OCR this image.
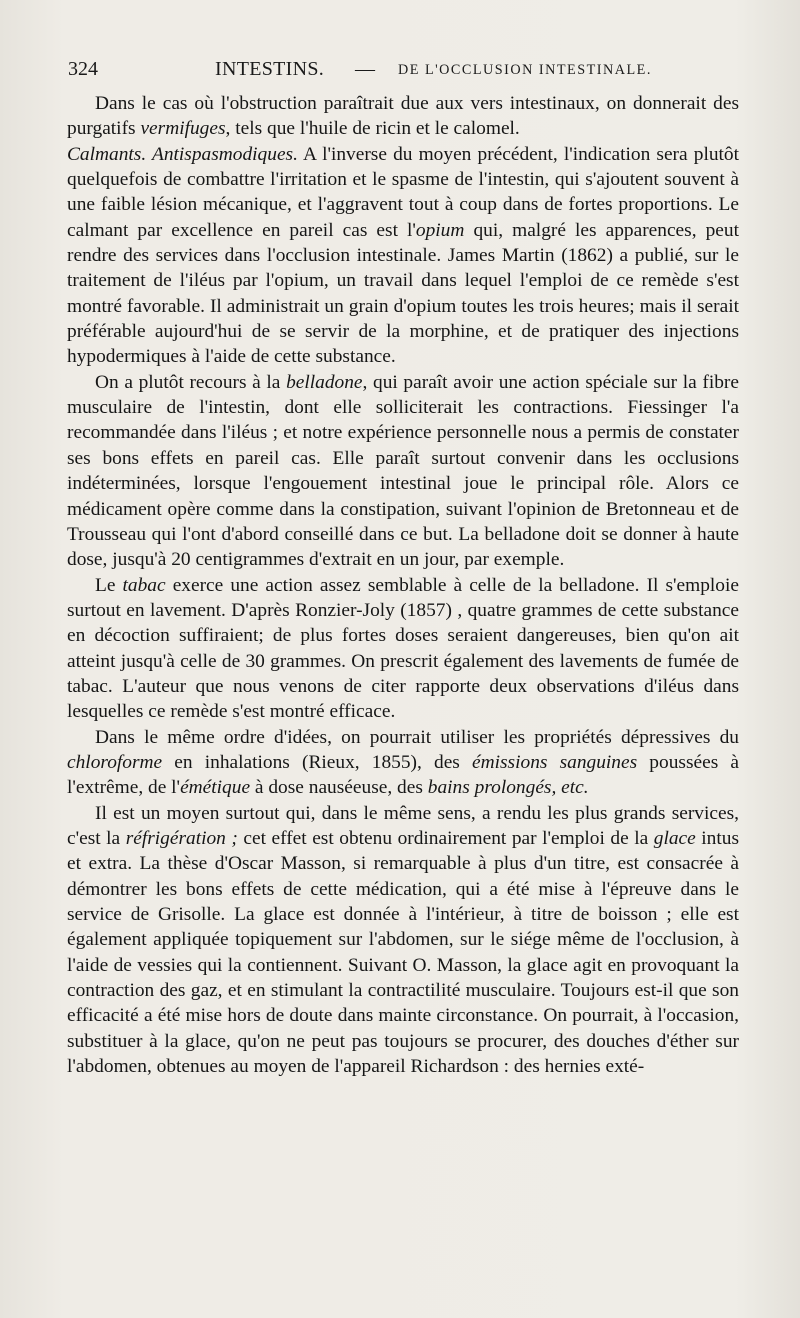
324	INTESTINS. — DE L'OCCLUSION INTESTINALE.

Dans le cas où l'obstruction paraîtrait due aux vers intestinaux, on donnerait des purgatifs vermifuges, tels que l'huile de ricin et le calomel.

Calmants. Antispasmodiques. A l'inverse du moyen précédent, l'indication sera plutôt quelquefois de combattre l'irritation et le spasme de l'intestin, qui s'ajoutent souvent à une faible lésion mécanique, et l'aggravent tout à coup dans de fortes proportions. Le calmant par excellence en pareil cas est l'opium qui, malgré les apparences, peut rendre des services dans l'occlusion intestinale. James Martin (1862) a publié, sur le traitement de l'iléus par l'opium, un travail dans lequel l'emploi de ce remède s'est montré favorable. Il administrait un grain d'opium toutes les trois heures; mais il serait préférable aujourd'hui de se servir de la morphine, et de pratiquer des injections hypodermiques à l'aide de cette substance.

On a plutôt recours à la belladone, qui paraît avoir une action spéciale sur la fibre musculaire de l'intestin, dont elle solliciterait les contractions. Fiessinger l'a recommandée dans l'iléus ; et notre expérience personnelle nous a permis de constater ses bons effets en pareil cas. Elle paraît surtout convenir dans les occlusions indéterminées, lorsque l'engouement intestinal joue le principal rôle. Alors ce médicament opère comme dans la constipation, suivant l'opinion de Bretonneau et de Trousseau qui l'ont d'abord conseillé dans ce but. La belladone doit se donner à haute dose, jusqu'à 20 centigrammes d'extrait en un jour, par exemple.

Le tabac exerce une action assez semblable à celle de la belladone. Il s'emploie surtout en lavement. D'après Ronzier-Joly (1857) , quatre grammes de cette substance en décoction suffiraient; de plus fortes doses seraient dangereuses, bien qu'on ait atteint jusqu'à celle de 30 grammes. On prescrit également des lavements de fumée de tabac. L'auteur que nous venons de citer rapporte deux observations d'iléus dans lesquelles ce remède s'est montré efficace.

Dans le même ordre d'idées, on pourrait utiliser les propriétés dépressives du chloroforme en inhalations (Rieux, 1855), des émissions sanguines poussées à l'extrême, de l'émétique à dose nauséeuse, des bains prolongés, etc.

Il est un moyen surtout qui, dans le même sens, a rendu les plus grands services, c'est la réfrigération ; cet effet est obtenu ordinairement par l'emploi de la glace intus et extra. La thèse d'Oscar Masson, si remarquable à plus d'un titre, est consacrée à démontrer les bons effets de cette médication, qui a été mise à l'épreuve dans le service de Grisolle. La glace est donnée à l'intérieur, à titre de boisson ; elle est également appliquée topiquement sur l'abdomen, sur le siége même de l'occlusion, à l'aide de vessies qui la contiennent. Suivant O. Masson, la glace agit en provoquant la contraction des gaz, et en stimulant la contractilité musculaire. Toujours est-il que son efficacité a été mise hors de doute dans mainte circonstance. On pourrait, à l'occasion, substituer à la glace, qu'on ne peut pas toujours se procurer, des douches d'éther sur l'abdomen, obtenues au moyen de l'appareil Richardson : des hernies exté-
